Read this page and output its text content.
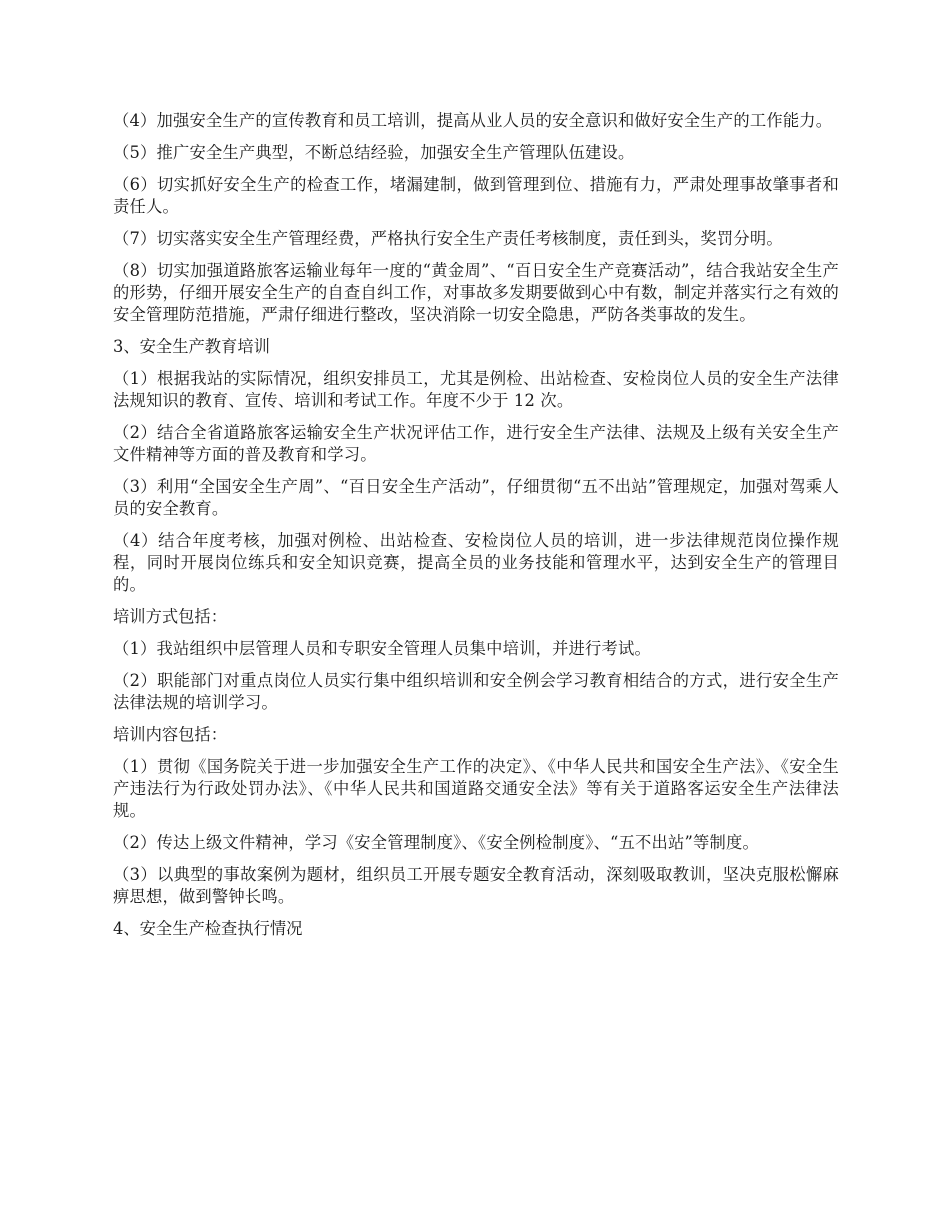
（4）加强安全生产的宣传教育和员工培训，提高从业人员的安全意识和做好安全生产的工作能力。

（5）推广安全生产典型，不断总结经验，加强安全生产管理队伍建设。

（6）切实抓好安全生产的检查工作，堵漏建制，做到管理到位、措施有力，严肃处理事故肇事者和责任人。

（7）切实落实安全生产管理经费，严格执行安全生产责任考核制度，责任到头，奖罚分明。

（8）切实加强道路旅客运输业每年一度的“黄金周”、“百日安全生产竞赛活动”，结合我站安全生产的形势，仔细开展安全生产的自查自纠工作，对事故多发期要做到心中有数，制定并落实行之有效的安全管理防范措施，严肃仔细进行整改，坚决消除一切安全隐患，严防各类事故的发生。

3、安全生产教育培训

（1）根据我站的实际情况，组织安排员工，尤其是例检、出站检查、安检岗位人员的安全生产法律法规知识的教育、宣传、培训和考试工作。年度不少于 12 次。

（2）结合全省道路旅客运输安全生产状况评估工作，进行安全生产法律、法规及上级有关安全生产文件精神等方面的普及教育和学习。

（3）利用“全国安全生产周”、“百日安全生产活动”，仔细贯彻“五不出站”管理规定，加强对驾乘人员的安全教育。

（4）结合年度考核，加强对例检、出站检查、安检岗位人员的培训，进一步法律规范岗位操作规程，同时开展岗位练兵和安全知识竞赛，提高全员的业务技能和管理水平，达到安全生产的管理目的。

培训方式包括：

（1）我站组织中层管理人员和专职安全管理人员集中培训，并进行考试。

（2）职能部门对重点岗位人员实行集中组织培训和安全例会学习教育相结合的方式，进行安全生产法律法规的培训学习。

培训内容包括：

（1）贯彻《国务院关于进一步加强安全生产工作的决定》、《中华人民共和国安全生产法》、《安全生产违法行为行政处罚办法》、《中华人民共和国道路交通安全法》等有关于道路客运安全生产法律法规。

（2）传达上级文件精神，学习《安全管理制度》、《安全例检制度》、“五不出站”等制度。

（3）以典型的事故案例为题材，组织员工开展专题安全教育活动，深刻吸取教训，坚决克服松懈麻痹思想，做到警钟长鸣。

4、安全生产检查执行情况
